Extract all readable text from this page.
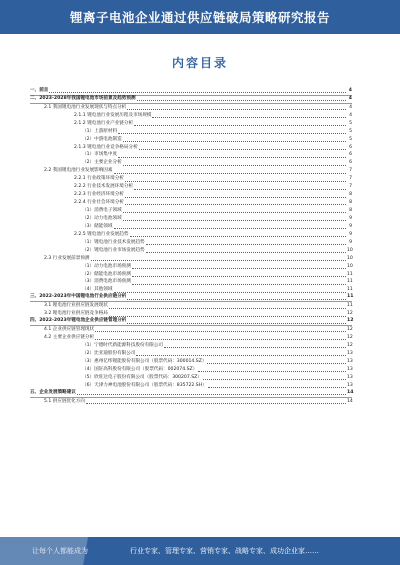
锂离子电池企业通过供应链破局策略研究报告
内容目录
一、前言	4
二、2023-2028年我国锂电池市场前景及趋势预测	4
2.1 我国锂电池行业发展现状与特点分析	4
2.1.1 锂电池行业发展历程及市场规模	4
2.1.2 锂电池行业产业链分析	5
（1）上游原材料	5
（2）中游电池制造	5
2.1.3 锂电池行业竞争格局分析	6
（1）市场集中度	6
（2）主要企业分析	6
2.2 我国锂电池行业发展影响因素	7
2.2.1 行业政策环境分析	7
2.2.2 行业技术发展环境分析	7
2.2.3 行业经济环境分析	8
2.2.4 行业社会环境分析	8
（1）消费电子领域	8
（2）动力电池领域	9
（3）储能领域	9
2.2.5 锂电池行业发展趋势	9
（1）锂电池行业技术发展趋势	9
（2）锂电池行业市场发展趋势	10
2.3 行业发展前景预测	10
（1）动力电池市场预测	10
（2）储能电池市场预测	11
（3）消费电池市场预测	11
（4）其他领域	11
三、2022-2023年中国锂电池行业供应链分析	11
3.1 锂电池行业供应链发展现状	11
3.2 锂电池行业供应链竞争格局	12
四、2022-2023年锂电池企业供应链管理分析	12
4.1 企业供应链管理现状	12
4.2 主要企业供应链分析	12
（1）宁德时代新能源科技股份有限公司	12
（2）比亚迪股份有限公司	13
（3）惠州亿纬锂能股份有限公司（股票代码：300014.SZ）	13
（4）国轩高科股份有限公司（股票代码：002074.SZ）	13
（5）欣旺达电子股份有限公司（股票代码：300207.SZ）	13
（6）天津力神电池股份有限公司（股票代码：835722.SH）	13
五、企业发展策略建议	14
5.1 供应链优化方向	14
让每个人都能成为	行业专家、管理专家、营销专家、战略专家、成功企业家……
